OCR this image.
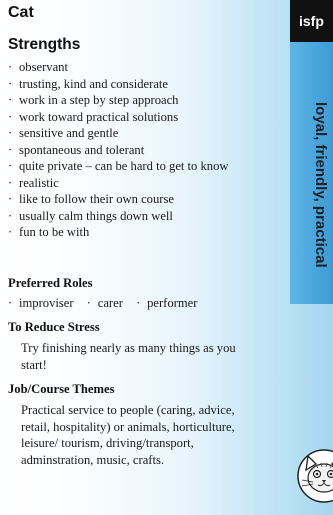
Cat
Strengths
· observant
· trusting, kind and considerate
· work in a step by step approach
· work toward practical solutions
· sensitive and gentle
· spontaneous and tolerant
· quite private – can be hard to get to know
· realistic
· like to follow their own course
· usually calm things down well
· fun to be with
Preferred Roles
· improviser · carer · performer
To Reduce Stress
Try finishing nearly as many things as you
start!
Job/Course Themes
Practical service to people (caring, advice,
retail, hospitality) or animals, horticulture,
leisure/ tourism, driving/transport,
adminstration, music, crafts.
isfp
loyal, friendly, practical
